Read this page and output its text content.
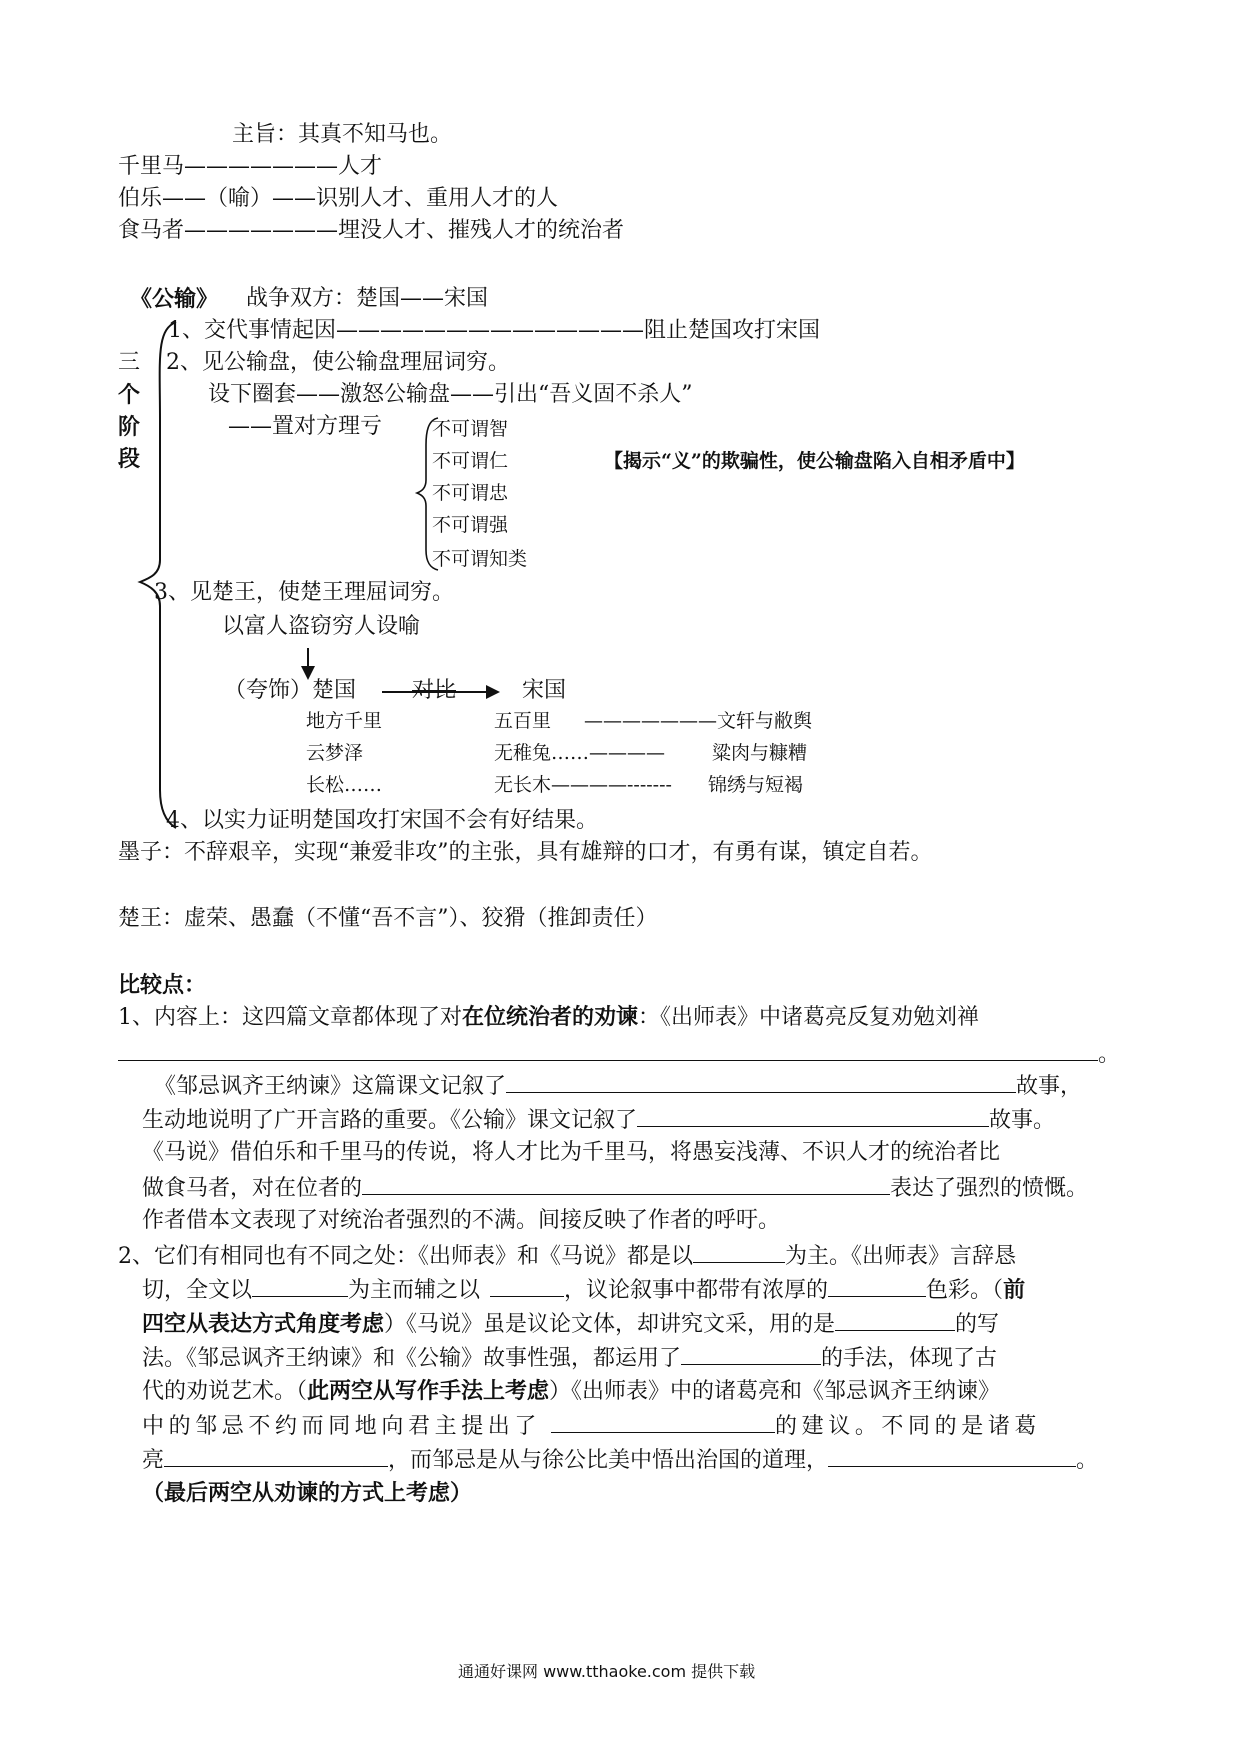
主旨：其真不知马也。
千里马———————人才
伯乐——（喻）——识别人才、重用人才的人
食马者———————埋没人才、摧残人才的统治者
《公输》 战争双方：楚国——宋国
1、交代事情起因——————————————阻止楚国攻打宋国
三
个
阶
段
2、见公输盘，使公输盘理屈词穷。
设下圈套——激怒公输盘——引出“吾义固不杀人”
——置对方理亏	不可谓智
不可谓仁
不可谓忠
不可谓强
不可谓知类
【揭示“义”的欺骗性，使公输盘陷入自相矛盾中】
3、见楚王，使楚王理屈词穷。
以富人盗窃穷人设喻
（夸饰）楚国	对比	宋国
地方千里	五百里 ———————文轩与敝舆
云梦泽	无稚兔……———— 粱肉与糠糟
长松……	无长木————------- 锦绣与短褐
4、以实力证明楚国攻打宋国不会有好结果。
墨子：不辞艰辛，实现“兼爱非攻”的主张，具有雄辩的口才，有勇有谋，镇定自若。
楚王：虚荣、愚蠢（不懂“吾不言”）、狡猾（推卸责任）
比较点：
1、内容上：这四篇文章都体现了对在位统治者的劝谏：《出师表》中诸葛亮反复劝勉刘禅
。
《邹忌讽齐王纳谏》这篇课文记叙了	故事，
生动地说明了广开言路的重要。《公输》课文记叙了	故事。
《马说》借伯乐和千里马的传说，将人才比为千里马，将愚妄浅薄、不识人才的统治者比
做食马者，对在位者的	表达了强烈的愤慨。
作者借本文表现了对统治者强烈的不满。间接反映了作者的呼吁。
2、它们有相同也有不同之处：《出师表》和《马说》都是以	为主。《出师表》言辞恳
切，全文以	为主而辅之以	，议论叙事中都带有浓厚的	色彩。（前
四空从表达方式角度考虑）《马说》虽是议论文体，却讲究文采，用的是	的写
法。《邹忌讽齐王纳谏》和《公输》故事性强，都运用了	的手法，体现了古
代的劝说艺术。（此两空从写作手法上考虑）《出师表》中的诸葛亮和《邹忌讽齐王纳谏》
中的邹忌不约而同地向君主提出了	的建议。不同的是诸葛
亮	，而邹忌是从与徐公比美中悟出治国的道理，	。
（最后两空从劝谏的方式上考虑）
通通好课网 www.tthaoke.com 提供下载
